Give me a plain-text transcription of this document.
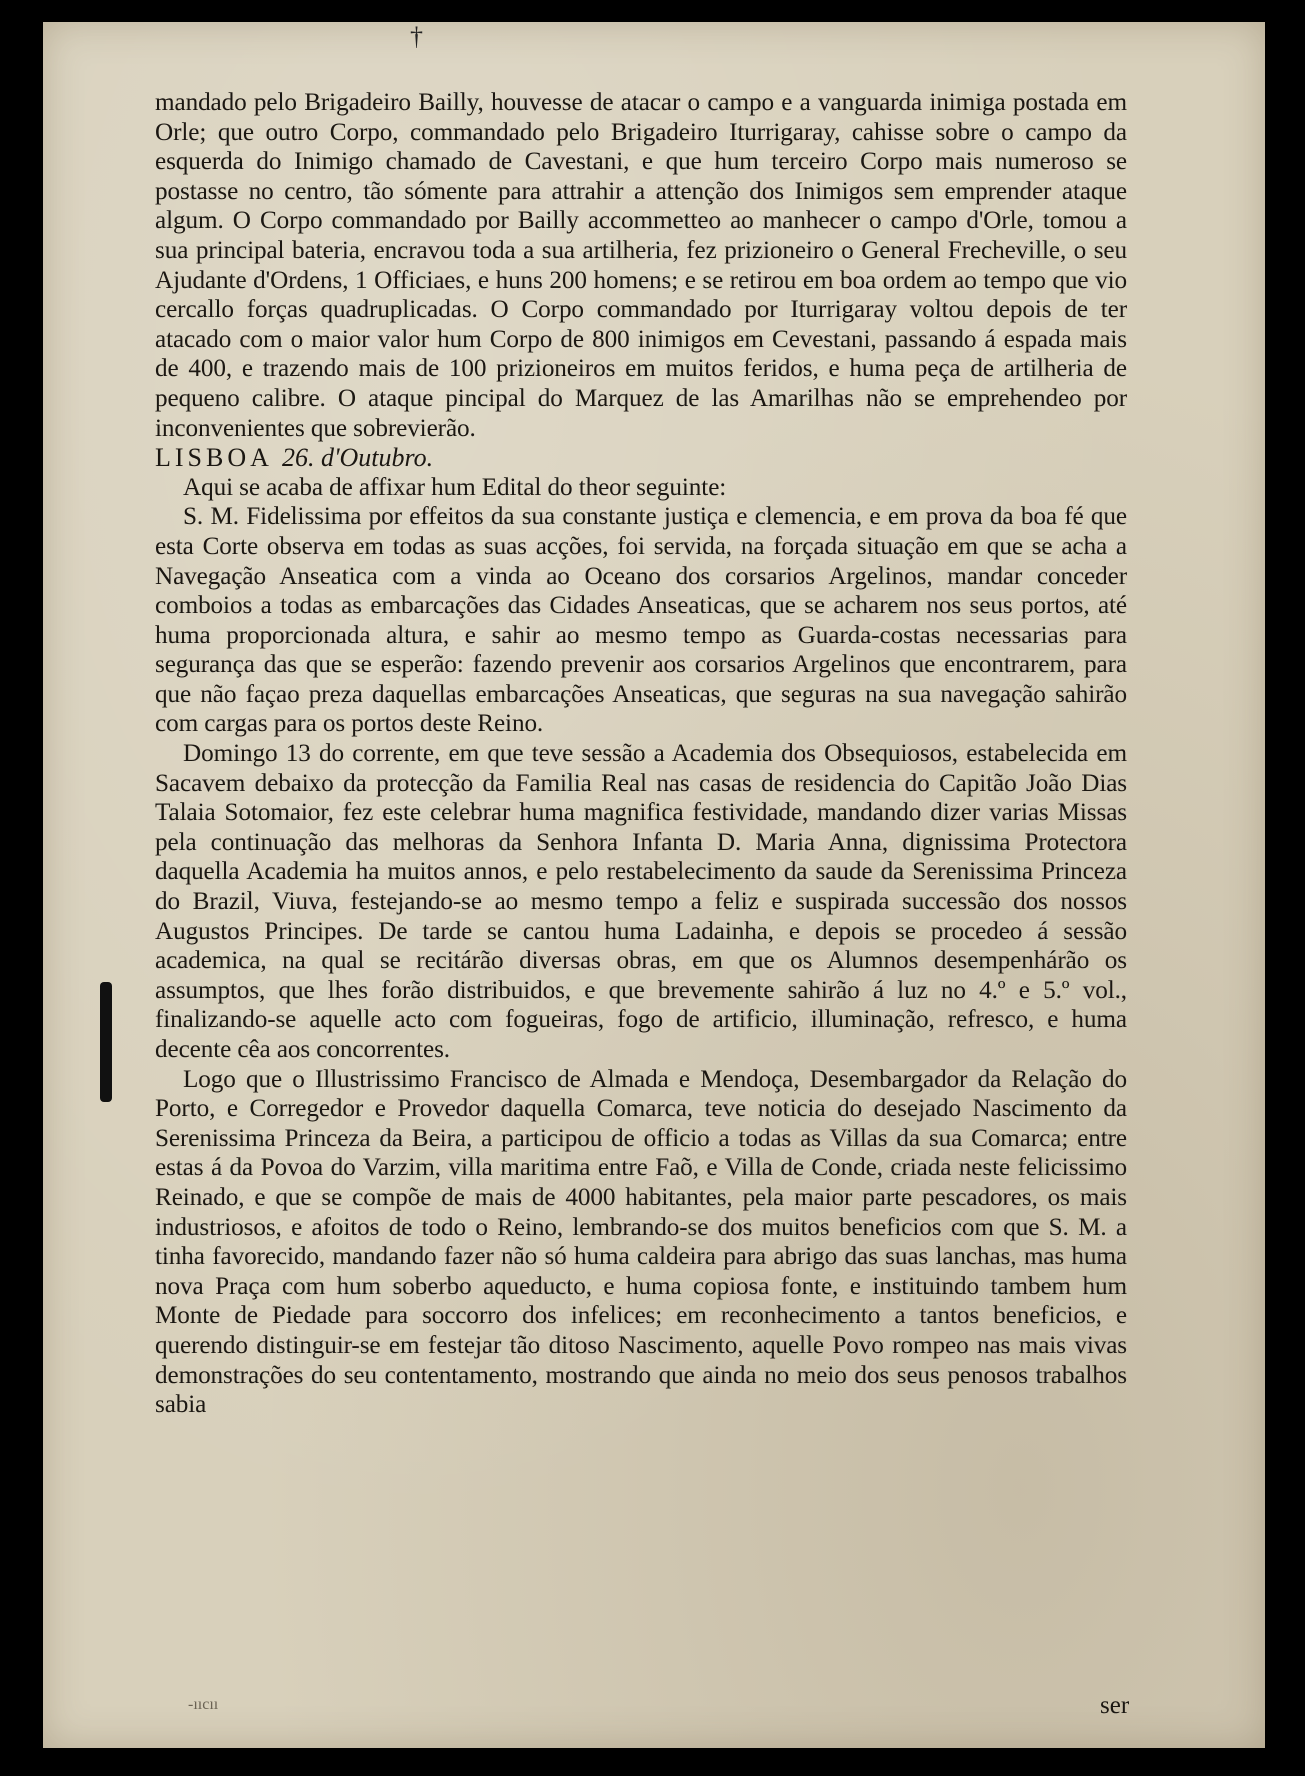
†

mandado pelo Brigadeiro Bailly, houvesse de atacar o campo e a vanguarda inimiga postada em Orle; que outro Corpo, commandado pelo Brigadeiro Iturrigaray, cahisse sobre o campo da esquerda do Inimigo chamado de Cavestani, e que hum terceiro Corpo mais numeroso se postasse no centro, tão sómente para attrahir a attenção dos Inimigos sem emprender ataque algum. O Corpo commandado por Bailly accommetteo ao manhecer o campo d'Orle, tomou a sua principal bateria, encravou toda a sua artilheria, fez prizioneiro o General Frecheville, o seu Ajudante d'Ordens, 1 Officiaes, e huns 200 homens; e se retirou em boa ordem ao tempo que vio cercallo forças quadruplicadas. O Corpo commandado por Iturrigaray voltou depois de ter atacado com o maior valor hum Corpo de 800 inimigos em Cevestani, passando á espada mais de 400, e trazendo mais de 100 prizioneiros em muitos feridos, e huma peça de artilheria de pequeno calibre. O ataque pincipal do Marquez de las Amarilhas não se emprehendeo por inconvenientes que sobrevierão.

LISBOA 26. d'Outubro.

Aqui se acaba de affixar hum Edital do theor seguinte:

S. M. Fidelissima por effeitos da sua constante justiça e clemencia, e em prova da boa fé que esta Corte observa em todas as suas acções, foi servida, na forçada situação em que se acha a Navegação Anseatica com a vinda ao Oceano dos corsarios Argelinos, mandar conceder comboios a todas as embarcações das Cidades Anseaticas, que se acharem nos seus portos, até huma proporcionada altura, e sahir ao mesmo tempo as Guarda-costas necessarias para segurança das que se esperão: fazendo prevenir aos corsarios Argelinos que encontrarem, para que não façao preza daquellas embarcações Anseaticas, que seguras na sua navegação sahirão com cargas para os portos deste Reino.

Domingo 13 do corrente, em que teve sessão a Academia dos Obsequiosos, estabelecida em Sacavem debaixo da protecção da Familia Real nas casas de residencia do Capitão João Dias Talaia Sotomaior, fez este celebrar huma magnifica festividade, mandando dizer varias Missas pela continuação das melhoras da Senhora Infanta D. Maria Anna, dignissima Protectora daquella Academia ha muitos annos, e pelo restabelecimento da saude da Serenissima Princeza do Brazil, Viuva, festejando-se ao mesmo tempo a feliz e suspirada successão dos nossos Augustos Principes. De tarde se cantou huma Ladainha, e depois se procedeo á sessão academica, na qual se recitárão diversas obras, em que os Alumnos desempenhárão os assumptos, que lhes forão distribuidos, e que brevemente sahirão á luz no 4.º e 5.º vol., finalizando-se aquelle acto com fogueiras, fogo de artificio, illuminação, refresco, e huma decente cêa aos concorrentes.

Logo que o Illustrissimo Francisco de Almada e Mendoça, Desembargador da Relação do Porto, e Corregedor e Provedor daquella Comarca, teve noticia do desejado Nascimento da Serenissima Princeza da Beira, a participou de officio a todas as Villas da sua Comarca; entre estas á da Povoa do Varzim, villa maritima entre Faõ, e Villa de Conde, criada neste felicissimo Reinado, e que se compõe de mais de 4000 habitantes, pela maior parte pescadores, os mais industriosos, e afoitos de todo o Reino, lembrando-se dos muitos beneficios com que S. M. a tinha favorecido, mandando fazer não só huma caldeira para abrigo das suas lanchas, mas huma nova Praça com hum soberbo aqueducto, e huma copiosa fonte, e instituindo tambem hum Monte de Piedade para soccorro dos infelices; em reconhecimento a tantos beneficios, e querendo distinguir-se em festejar tão ditoso Nascimento, aquelle Povo rompeo nas mais vivas demonstrações do seu contentamento, mostrando que ainda no meio dos seus penosos trabalhos sabia

-ııcıı	ser
